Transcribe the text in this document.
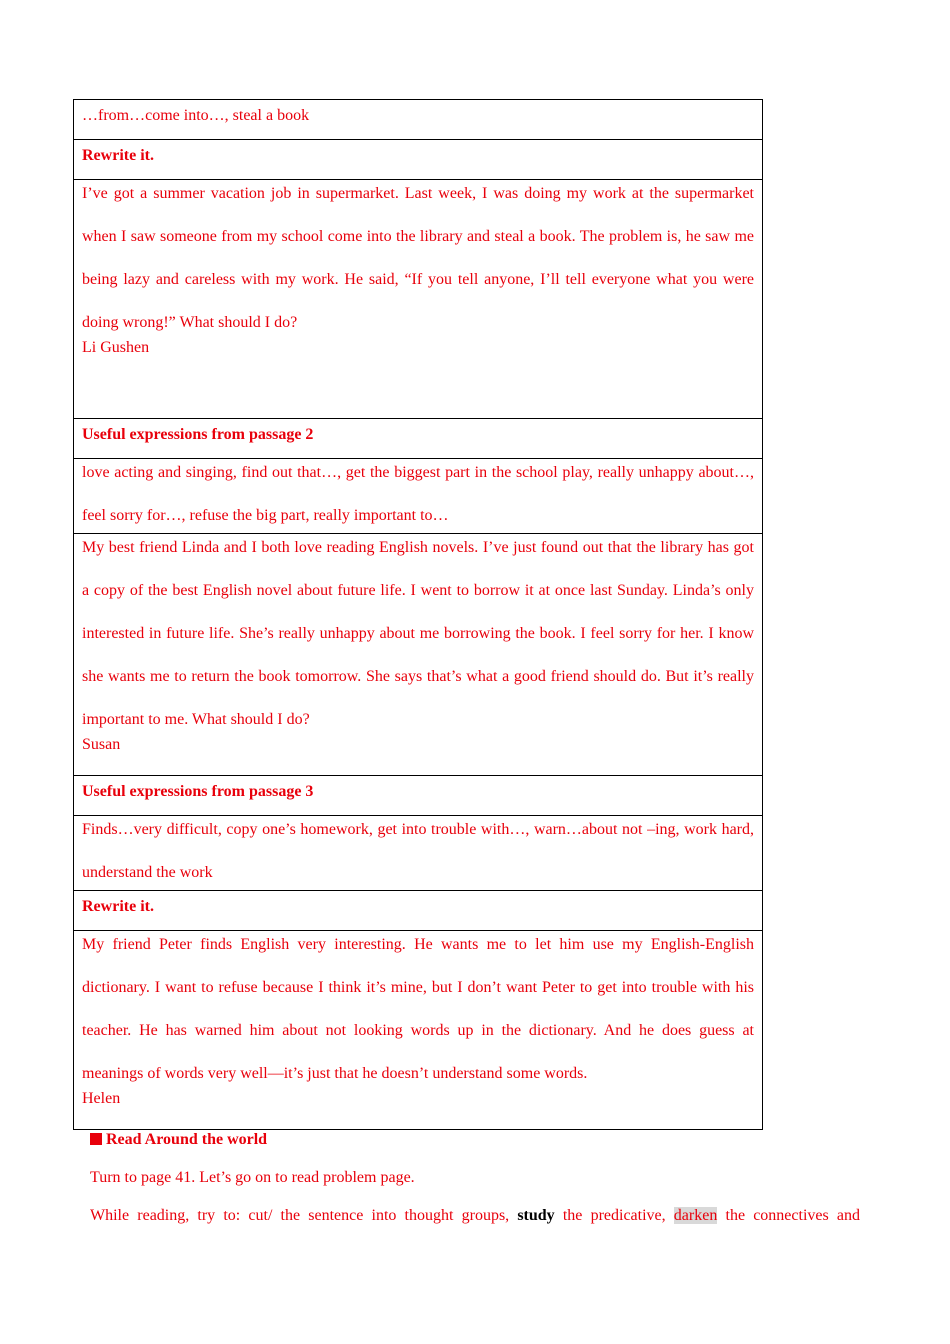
…from…come into…, steal a book
Rewrite it.
I’ve got a summer vacation job in supermarket. Last week, I was doing my work at the supermarket when I saw someone from my school come into the library and steal a book. The problem is, he saw me being lazy and careless with my work. He said, “If you tell anyone, I’ll tell everyone what you were doing wrong!” What should I do?
Li Gushen
Useful expressions from passage 2
love acting and singing, find out that…, get the biggest part in the school play, really unhappy about…, feel sorry for…, refuse the big part, really important to…
My best friend Linda and I both love reading English novels. I’ve just found out that the library has got a copy of the best English novel about future life. I went to borrow it at once last Sunday. Linda’s only interested in future life. She’s really unhappy about me borrowing the book. I feel sorry for her. I know she wants me to return the book tomorrow. She says that’s what a good friend should do. But it’s really important to me. What should I do?
Susan
Useful expressions from passage 3
Finds…very difficult, copy one’s homework, get into trouble with…, warn…about not –ing, work hard, understand the work
Rewrite it.
My friend Peter finds English very interesting. He wants me to let him use my English-English dictionary. I want to refuse because I think it’s mine, but I don’t want Peter to get into trouble with his teacher. He has warned him about not looking words up in the dictionary. And he does guess at meanings of words very well—it’s just that he doesn’t understand some words.
Helen
Read Around the world
Turn to page 41. Let’s go on to read problem page.
While reading, try to: cut/ the sentence into thought groups, study the predicative, darken the connectives and
